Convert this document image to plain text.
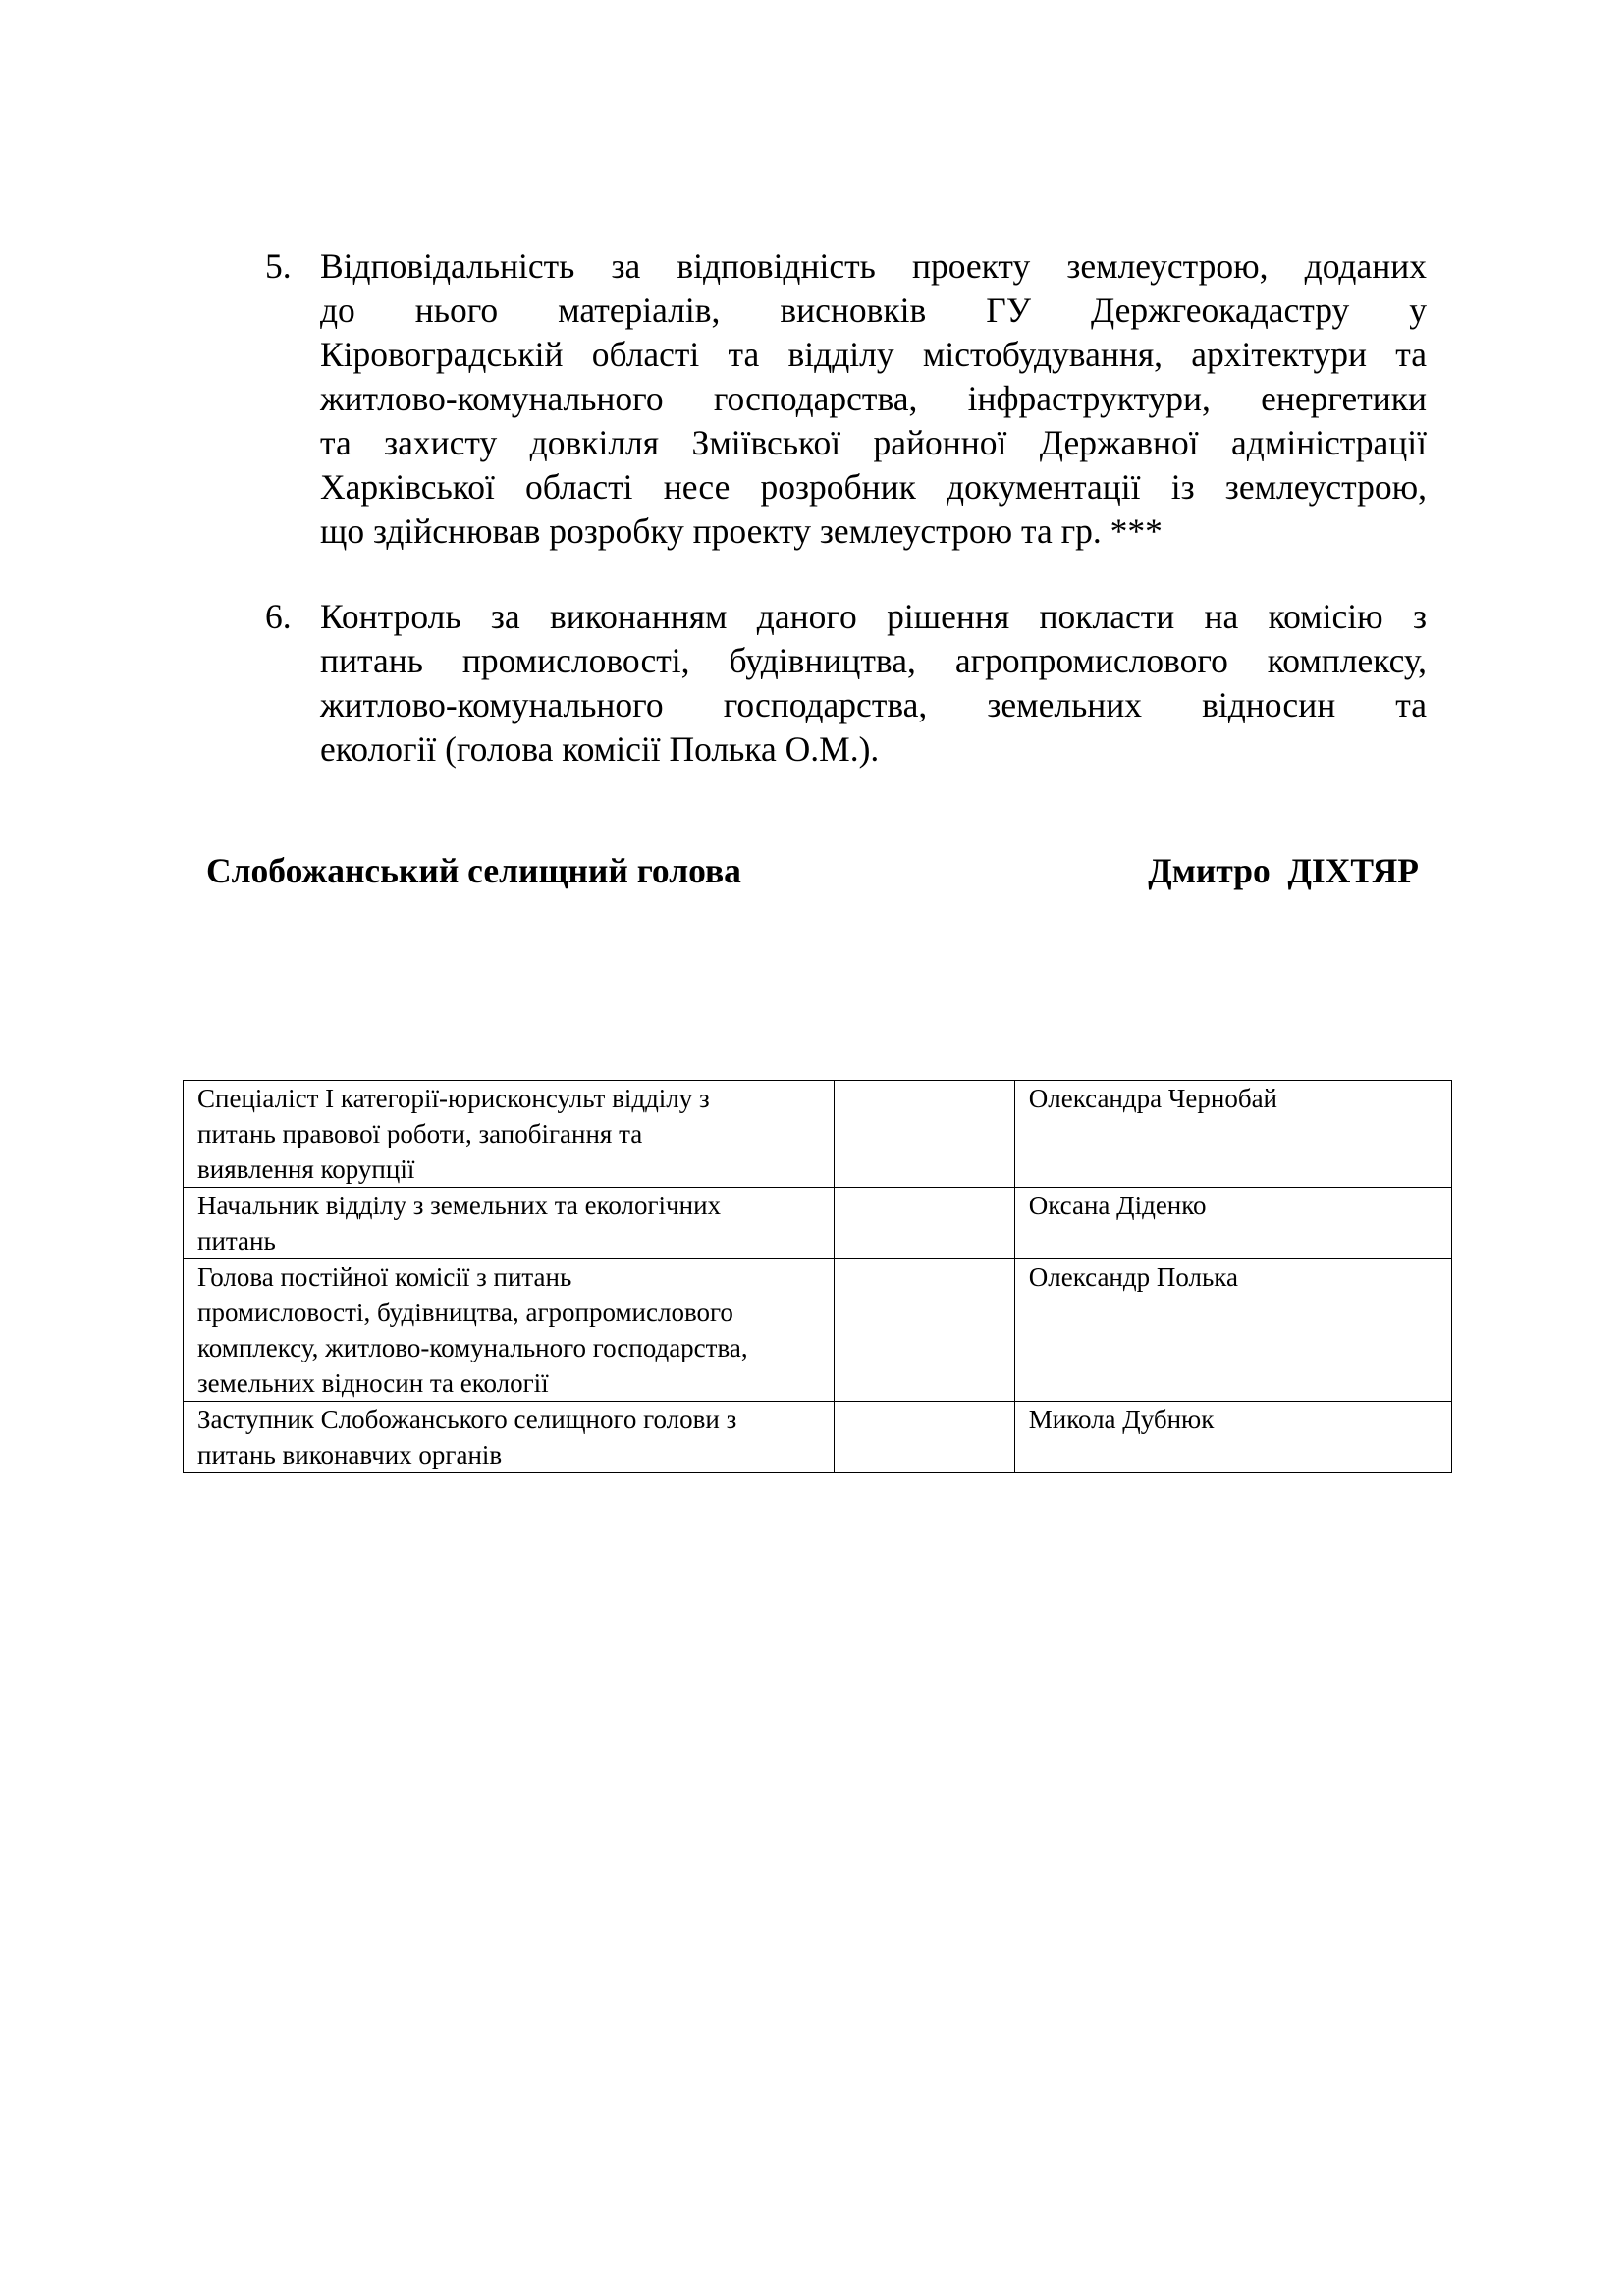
5. Відповідальність за відповідність проекту землеустрою, доданих
до нього матеріалів, висновків ГУ Держгеокадастру у
Кіровоградській області та відділу містобудування, архітектури та
житлово-комунального господарства, інфраструктури, енергетики
та захисту довкілля Зміївської районної Державної адміністрації
Харківської області несе розробник документації із землеустрою,
що здійснював розробку проекту землеустрою та гр. ***
6. Контроль за виконанням даного рішення покласти на комісію з
питань промисловості, будівництва, агропромислового комплексу,
житлово-комунального господарства, земельних відносин та
екології (голова комісії Полька О.М.).
Слобожанський селищний голова	Дмитро  ДІХТЯР
Спеціаліст І категорії-юрисконсульт відділу з
питань правової роботи, запобігання та
виявлення корупції		Олександра Чернобай

Начальник відділу з земельних та екологічних
питань		Оксана Діденко

Голова постійної комісії з питань
промисловості, будівництва, агропромислового
комплексу, житлово-комунального господарства,
земельних відносин та екології		Олександр Полька

Заступник Слобожанського селищного голови з
питань виконавчих органів		Микола Дубнюк
